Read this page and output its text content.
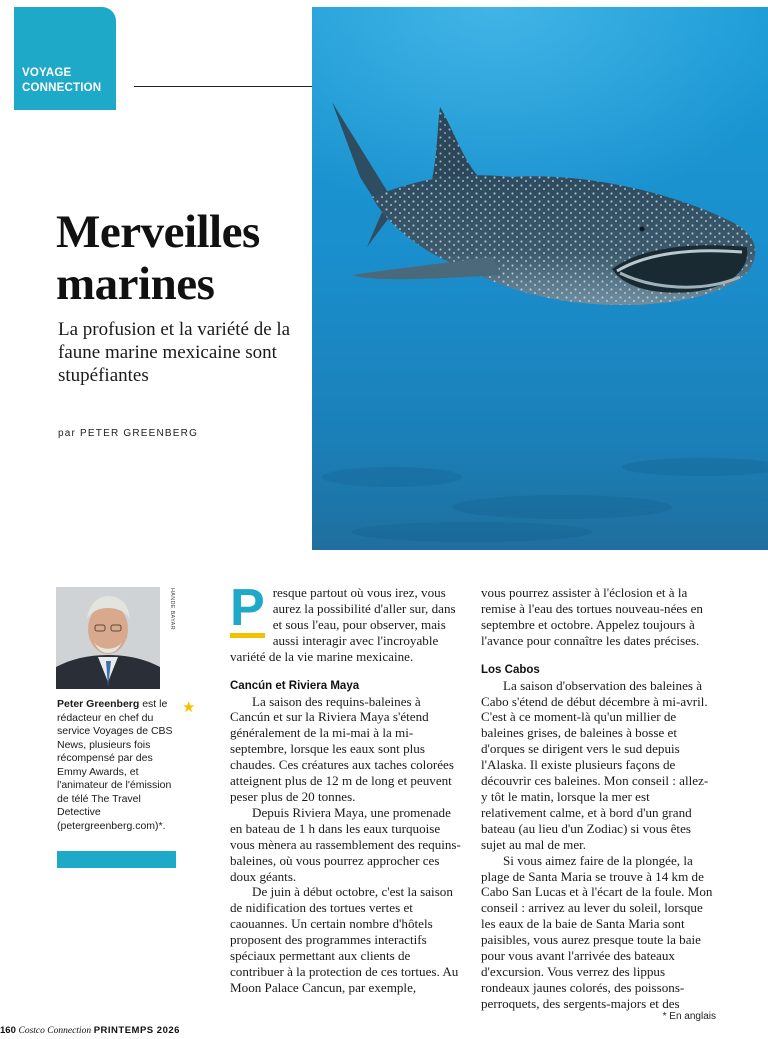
VOYAGE
CONNECTION
Merveilles
marines

La profusion et la variété de la faune marine mexicaine sont stupéfiantes

par PETER GREENBERG
HANDE BAYAR
★
Peter Greenberg est le rédacteur en chef du service Voyages de CBS News, plusieurs fois récompensé par des Emmy Awards, et l'animateur de l'émission de télé The Travel Detective (petergreenberg.com)*.

P resque partout où vous irez, vous aurez la possibilité d'aller sur, dans et sous l'eau, pour observer, mais aussi interagir avec l'incroyable variété de la vie marine mexicaine.

Cancún et Riviera Maya

La saison des requins-baleines à Cancún et sur la Riviera Maya s'étend généralement de la mi-mai à la mi-septembre, lorsque les eaux sont plus chaudes. Ces créatures aux taches colorées atteignent plus de 12 m de long et peuvent peser plus de 20 tonnes.

Depuis Riviera Maya, une promenade en bateau de 1 h dans les eaux turquoise vous mènera au rassemblement des requins-baleines, où vous pourrez approcher ces doux géants.

De juin à début octobre, c'est la saison de nidification des tortues vertes et caouannes. Un certain nombre d'hôtels proposent des programmes interactifs spéciaux permettant aux clients de contribuer à la protection de ces tortues. Au Moon Palace Cancun, par exemple,

vous pourrez assister à l'éclosion et à la remise à l'eau des tortues nouveau-nées en septembre et octobre. Appelez toujours à l'avance pour connaître les dates précises.

Los Cabos

La saison d'observation des baleines à Cabo s'étend de début décembre à mi-avril. C'est à ce moment-là qu'un millier de baleines grises, de baleines à bosse et d'orques se dirigent vers le sud depuis l'Alaska. Il existe plusieurs façons de découvrir ces baleines. Mon conseil : allez-y tôt le matin, lorsque la mer est relativement calme, et à bord d'un grand bateau (au lieu d'un Zodiac) si vous êtes sujet au mal de mer.

Si vous aimez faire de la plongée, la plage de Santa Maria se trouve à 14 km de Cabo San Lucas et à l'écart de la foule. Mon conseil : arrivez au lever du soleil, lorsque les eaux de la baie de Santa Maria sont paisibles, vous aurez presque toute la baie pour vous avant l'arrivée des bateaux d'excursion. Vous verrez des lippus rondeaux jaunes colorés, des poissons-perroquets, des sergents-majors et des

* En anglais
160 Costco Connection PRINTEMPS 2026
